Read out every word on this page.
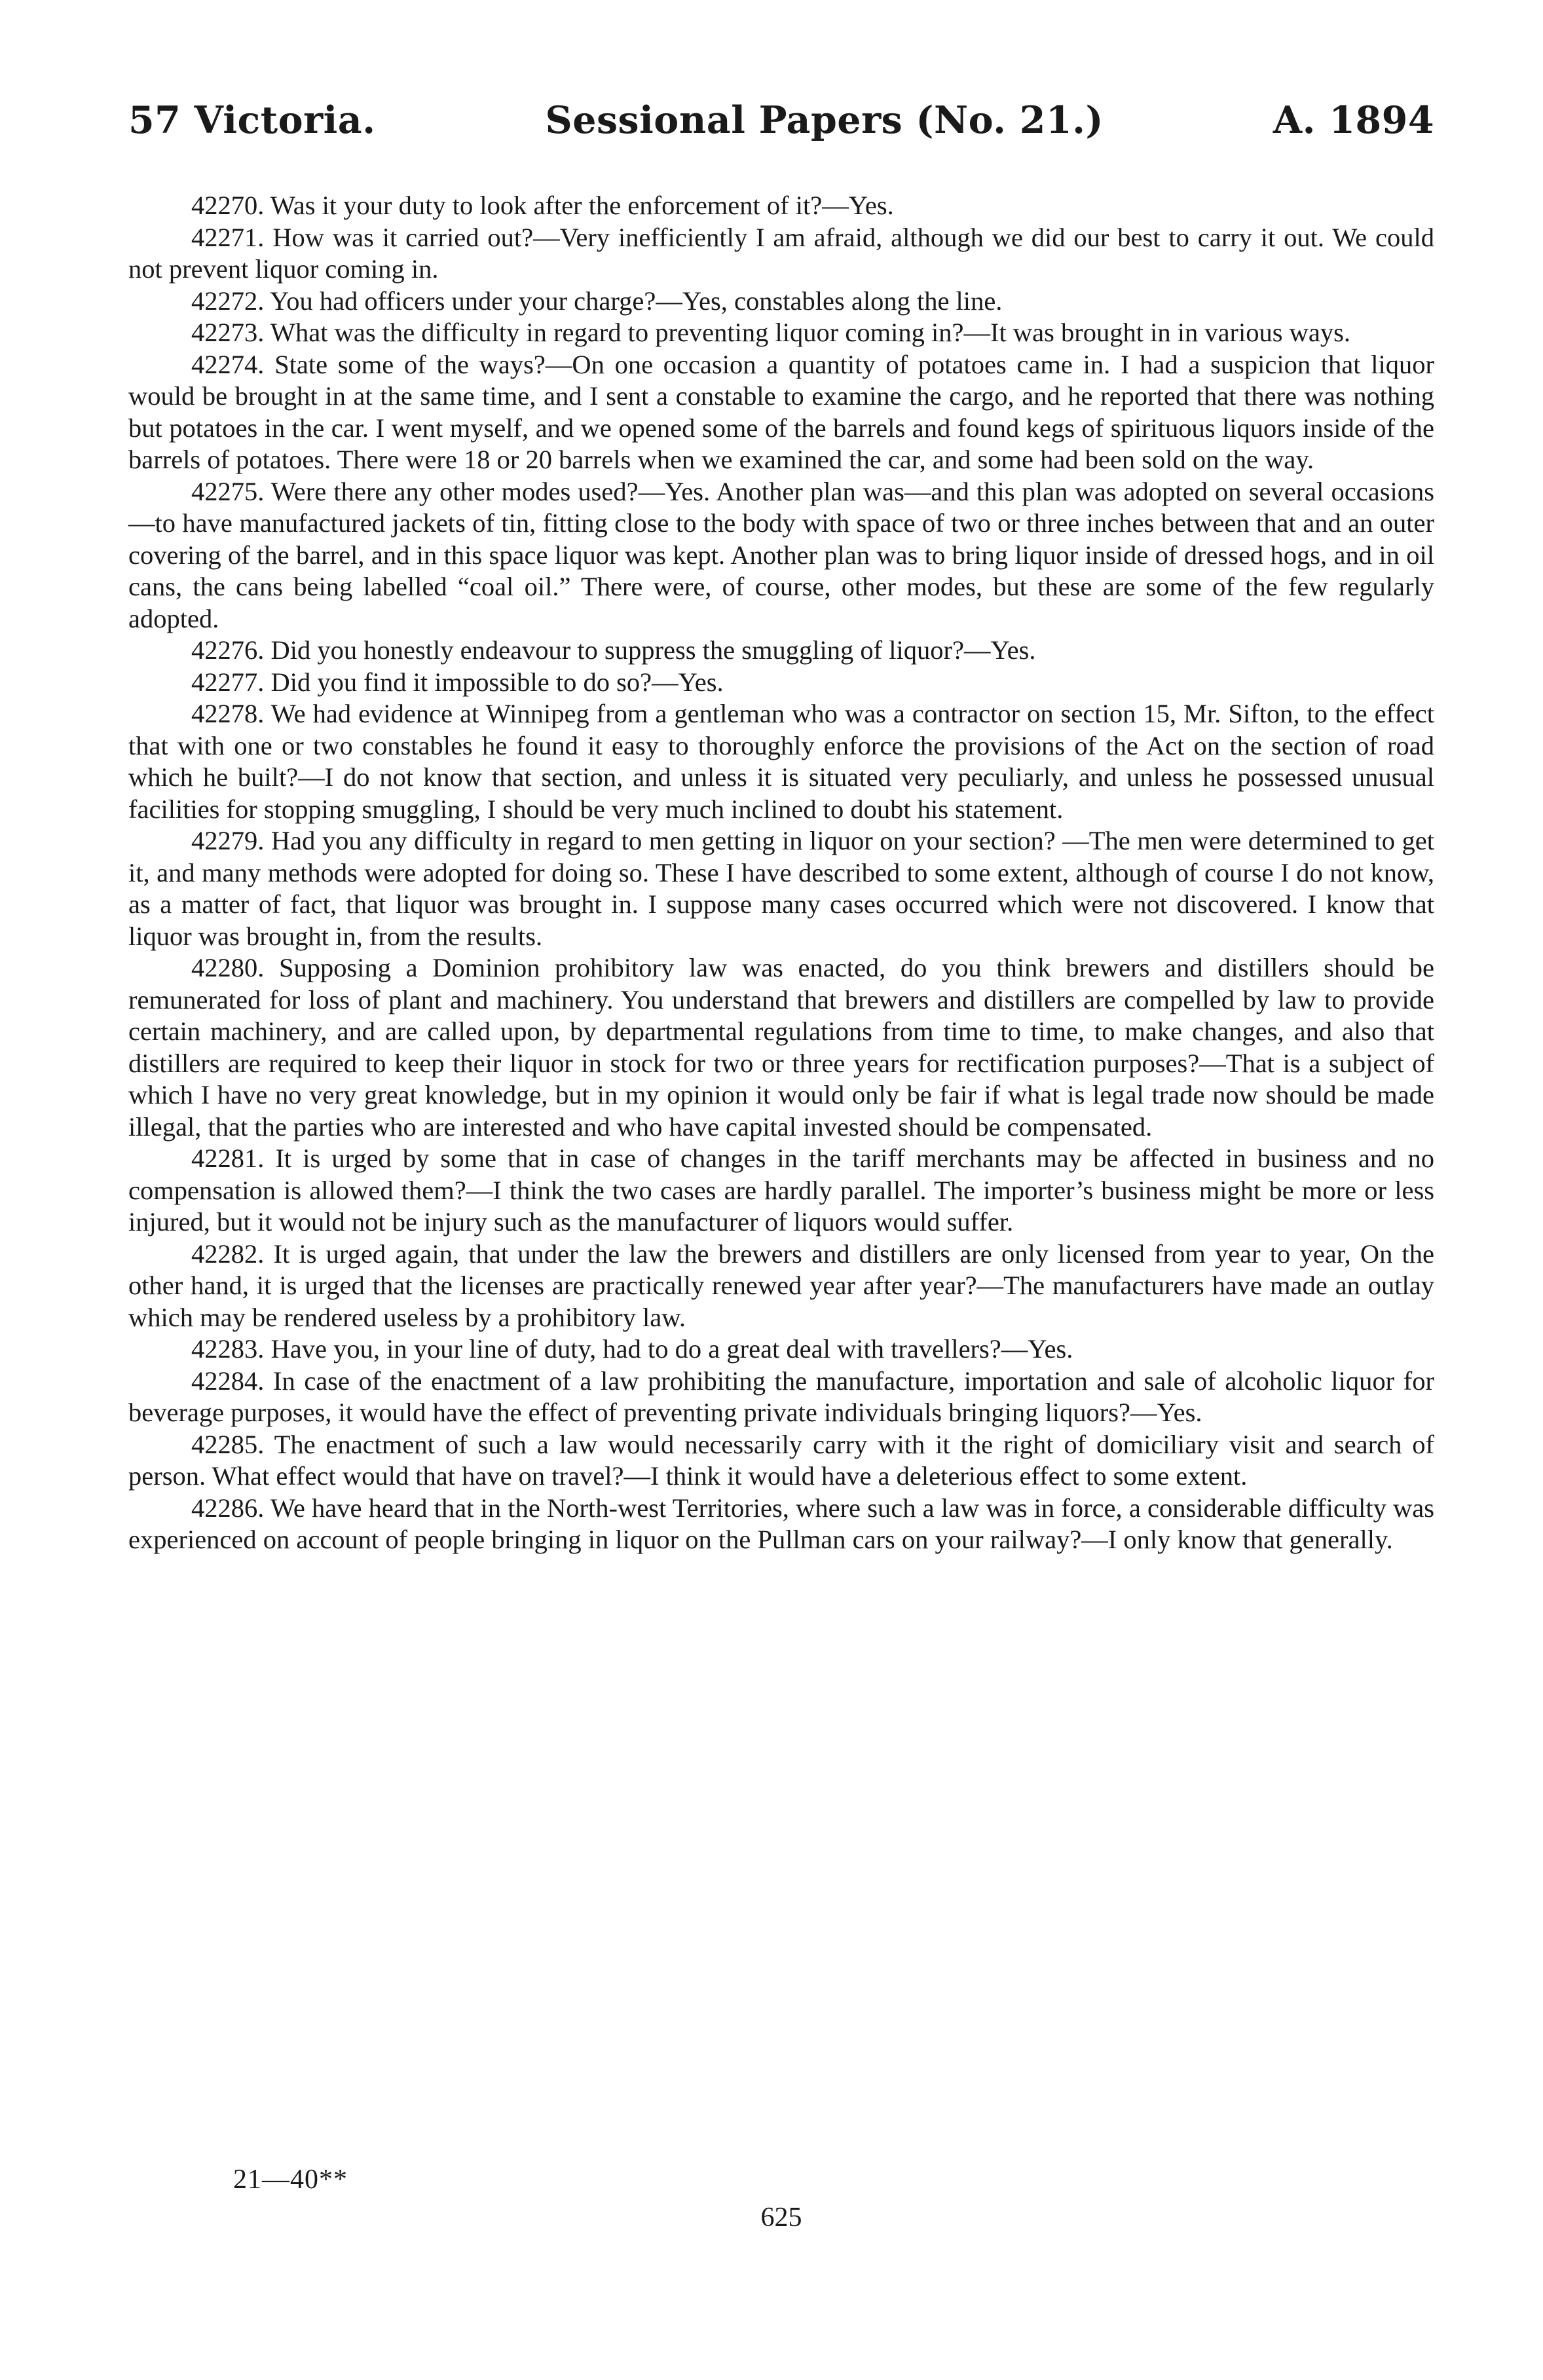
57 Victoria.	Sessional Papers (No. 21.)	A. 1894

42270. Was it your duty to look after the enforcement of it?—Yes.

42271. How was it carried out?—Very inefficiently I am afraid, although we did our best to carry it out. We could not prevent liquor coming in.

42272. You had officers under your charge?—Yes, constables along the line.

42273. What was the difficulty in regard to preventing liquor coming in?—It was brought in in various ways.

42274. State some of the ways?—On one occasion a quantity of potatoes came in. I had a suspicion that liquor would be brought in at the same time, and I sent a constable to examine the cargo, and he reported that there was nothing but potatoes in the car. I went myself, and we opened some of the barrels and found kegs of spirituous liquors inside of the barrels of potatoes. There were 18 or 20 barrels when we examined the car, and some had been sold on the way.

42275. Were there any other modes used?—Yes. Another plan was—and this plan was adopted on several occasions—to have manufactured jackets of tin, fitting close to the body with space of two or three inches between that and an outer covering of the barrel, and in this space liquor was kept. Another plan was to bring liquor inside of dressed hogs, and in oil cans, the cans being labelled “coal oil.” There were, of course, other modes, but these are some of the few regularly adopted.

42276. Did you honestly endeavour to suppress the smuggling of liquor?—Yes.

42277. Did you find it impossible to do so?—Yes.

42278. We had evidence at Winnipeg from a gentleman who was a contractor on section 15, Mr. Sifton, to the effect that with one or two constables he found it easy to thoroughly enforce the provisions of the Act on the section of road which he built?—I do not know that section, and unless it is situated very peculiarly, and unless he possessed unusual facilities for stopping smuggling, I should be very much inclined to doubt his statement.

42279. Had you any difficulty in regard to men getting in liquor on your section? —The men were determined to get it, and many methods were adopted for doing so. These I have described to some extent, although of course I do not know, as a matter of fact, that liquor was brought in. I suppose many cases occurred which were not discovered. I know that liquor was brought in, from the results.

42280. Supposing a Dominion prohibitory law was enacted, do you think brewers and distillers should be remunerated for loss of plant and machinery. You understand that brewers and distillers are compelled by law to provide certain machinery, and are called upon, by departmental regulations from time to time, to make changes, and also that distillers are required to keep their liquor in stock for two or three years for rectification purposes?—That is a subject of which I have no very great knowledge, but in my opinion it would only be fair if what is legal trade now should be made illegal, that the parties who are interested and who have capital invested should be compensated.

42281. It is urged by some that in case of changes in the tariff merchants may be affected in business and no compensation is allowed them?—I think the two cases are hardly parallel. The importer’s business might be more or less injured, but it would not be injury such as the manufacturer of liquors would suffer.

42282. It is urged again, that under the law the brewers and distillers are only licensed from year to year, On the other hand, it is urged that the licenses are practically renewed year after year?—The manufacturers have made an outlay which may be rendered useless by a prohibitory law.

42283. Have you, in your line of duty, had to do a great deal with travellers?—Yes.

42284. In case of the enactment of a law prohibiting the manufacture, importation and sale of alcoholic liquor for beverage purposes, it would have the effect of preventing private individuals bringing liquors?—Yes.

42285. The enactment of such a law would necessarily carry with it the right of domiciliary visit and search of person. What effect would that have on travel?—I think it would have a deleterious effect to some extent.

42286. We have heard that in the North-west Territories, where such a law was in force, a considerable difficulty was experienced on account of people bringing in liquor on the Pullman cars on your railway?—I only know that generally.

625
21—40**
